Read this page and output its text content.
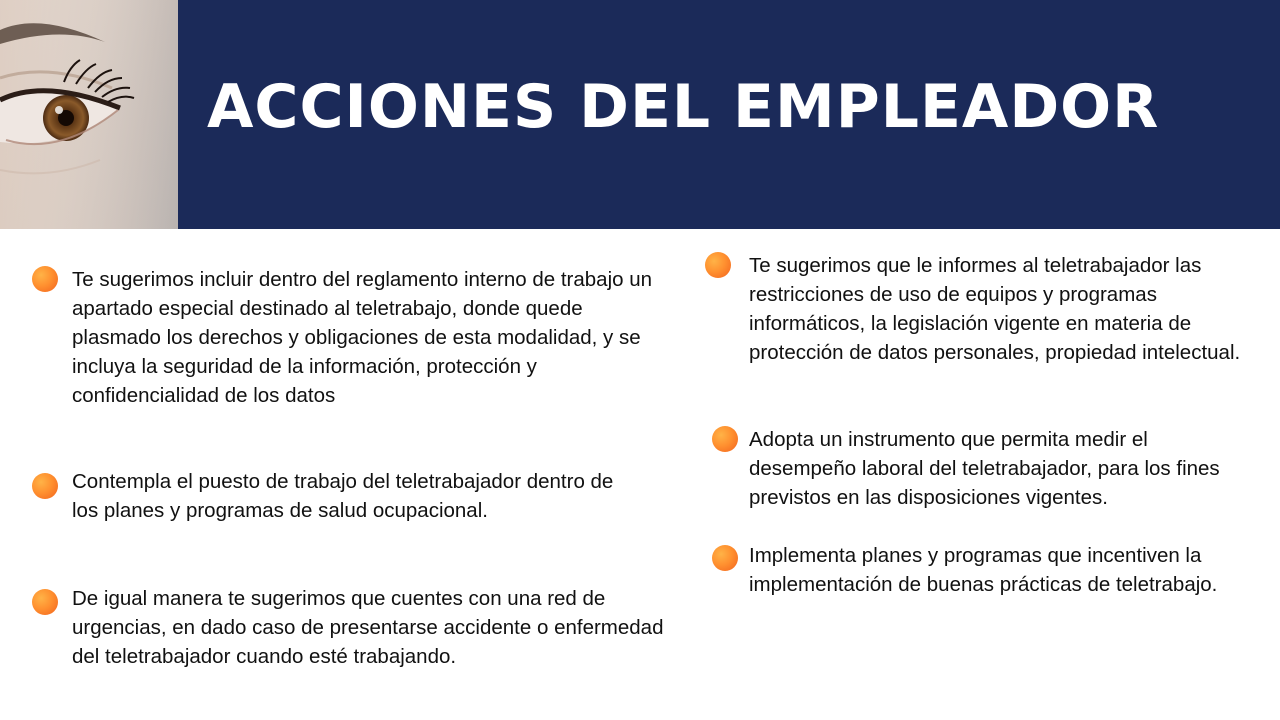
ACCIONES DEL EMPLEADOR

Te sugerimos incluir dentro del reglamento interno de trabajo un apartado especial destinado al teletrabajo, donde quede plasmado los derechos y obligaciones de esta modalidad, y se incluya la seguridad de la información, protección y confidencialidad de los datos

Contempla el puesto de trabajo del teletrabajador dentro de los planes y programas de salud ocupacional.

De igual manera te sugerimos que cuentes con una red de urgencias, en dado caso de presentarse accidente o enfermedad del teletrabajador cuando esté trabajando.

Te sugerimos que le informes al teletrabajador las restricciones de uso de equipos y programas informáticos, la legislación vigente en materia de protección de datos personales, propiedad intelectual.

Adopta un instrumento que permita medir el desempeño laboral del teletrabajador, para los fines previstos en las disposiciones vigentes.

Implementa planes y programas que incentiven la implementación de buenas prácticas de teletrabajo.
